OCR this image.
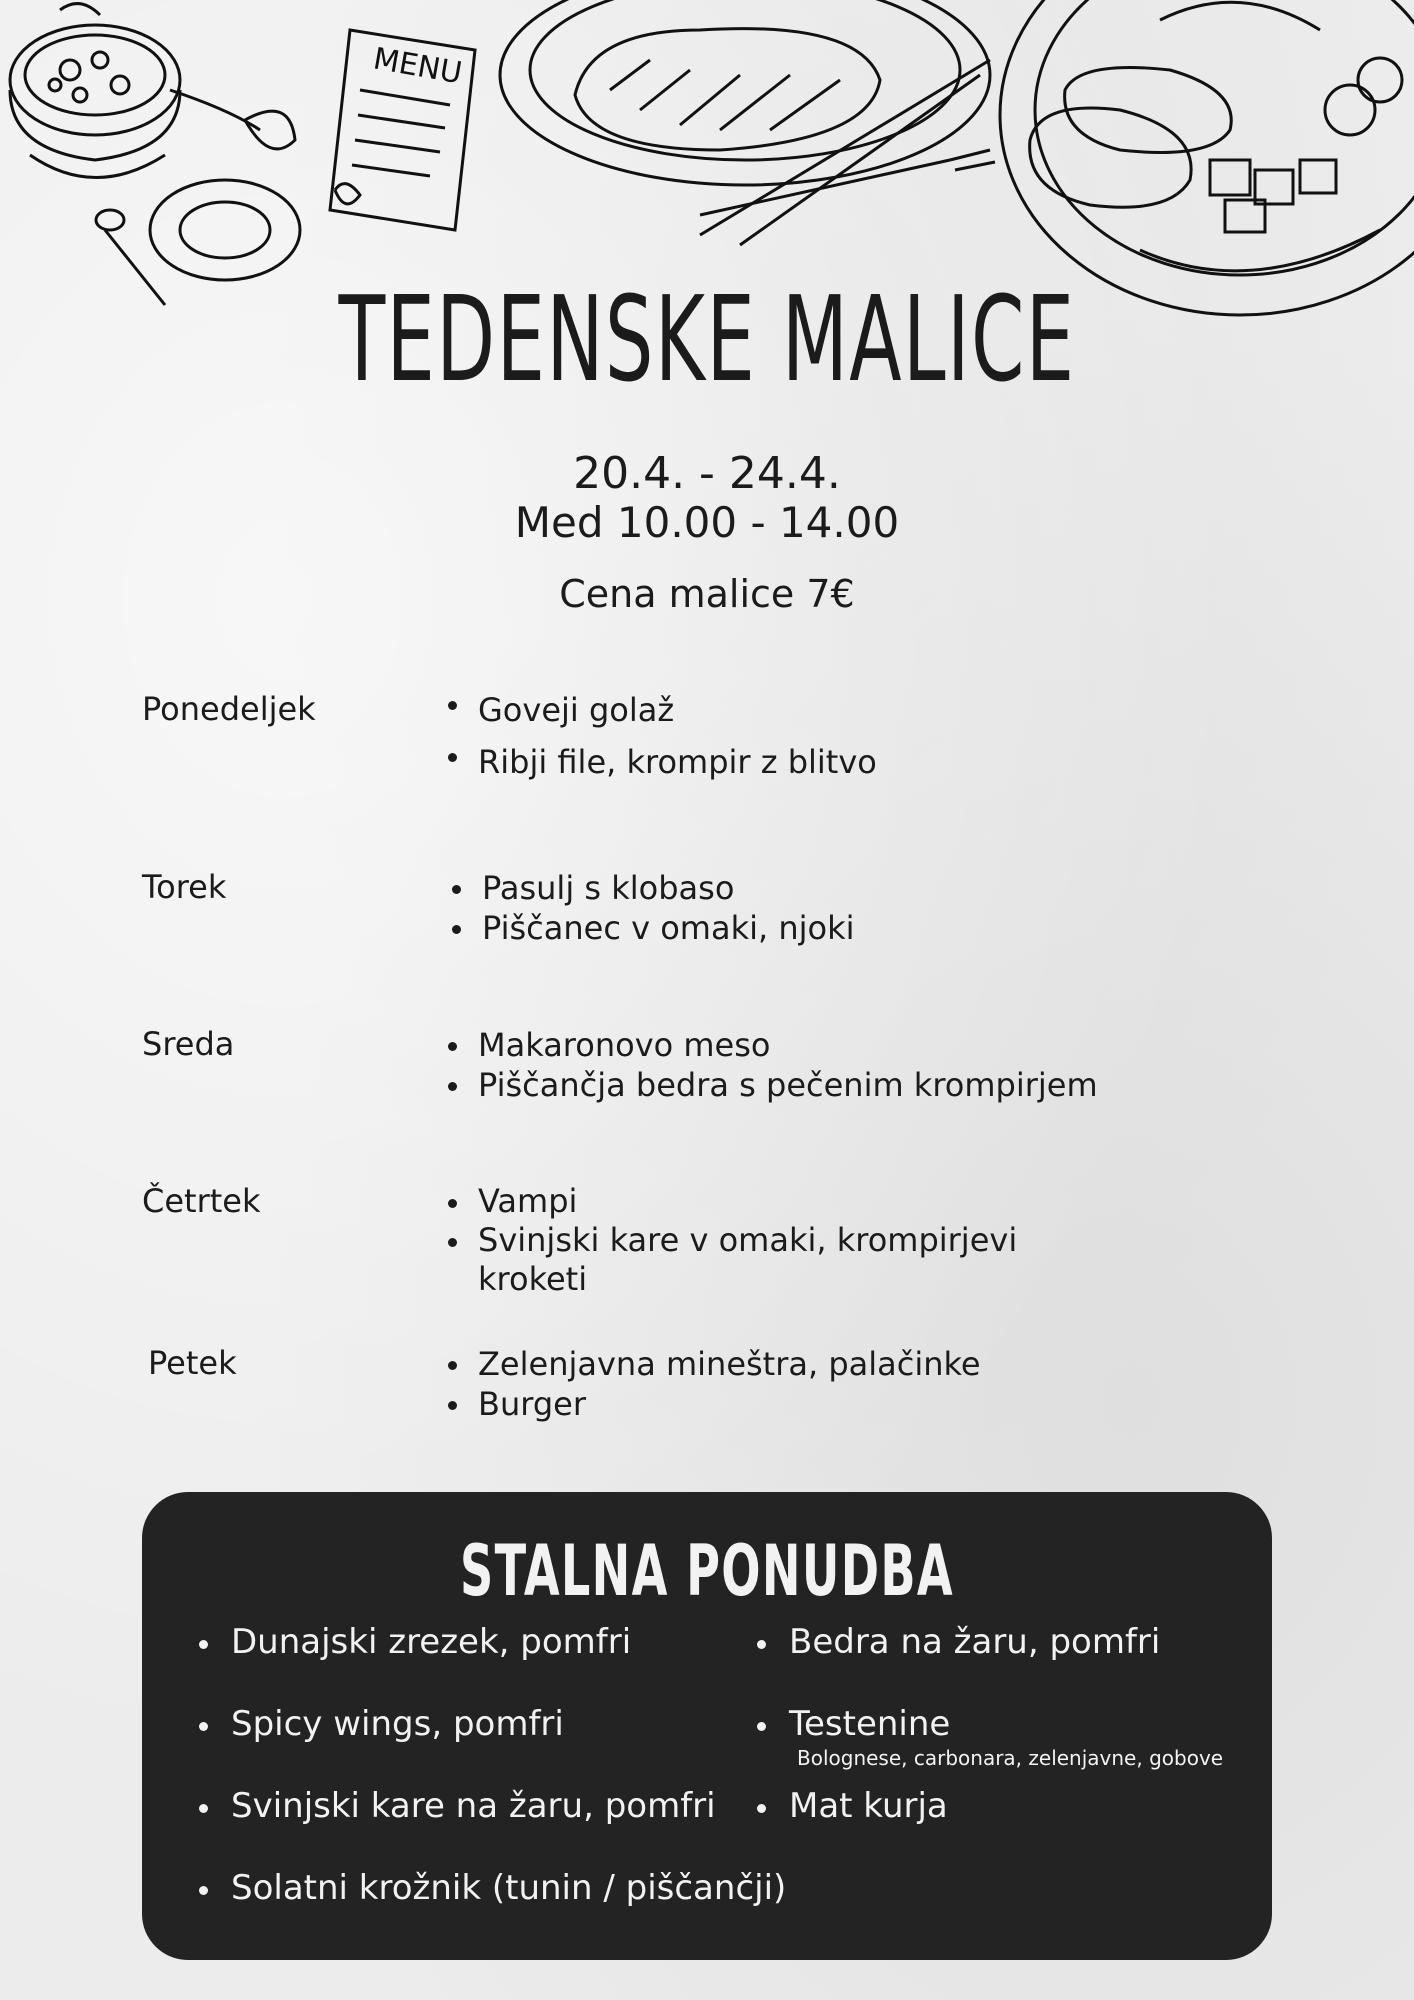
MENU
TEDENSKE MALICE
20.4. - 24.4.
Med 10.00 - 14.00
Cena malice 7€
Ponedeljek	Goveji golaž
Ribji file, krompir z blitvo
Torek	Pasulj s klobaso
Piščanec v omaki, njoki
Sreda	Makaronovo meso
Piščančja bedra s pečenim krompirjem
Četrtek	Vampi
Svinjski kare v omaki, krompirjevi
kroketi
Petek	Zelenjavna mineštra, palačinke
Burger
STALNA PONUDBA
Dunajski zrezek, pomfri
Spicy wings, pomfri
Svinjski kare na žaru, pomfri
Solatni krožnik (tunin / piščančji)
Bedra na žaru, pomfri
Testenine
Bolognese, carbonara, zelenjavne, gobove
Mat kurja
